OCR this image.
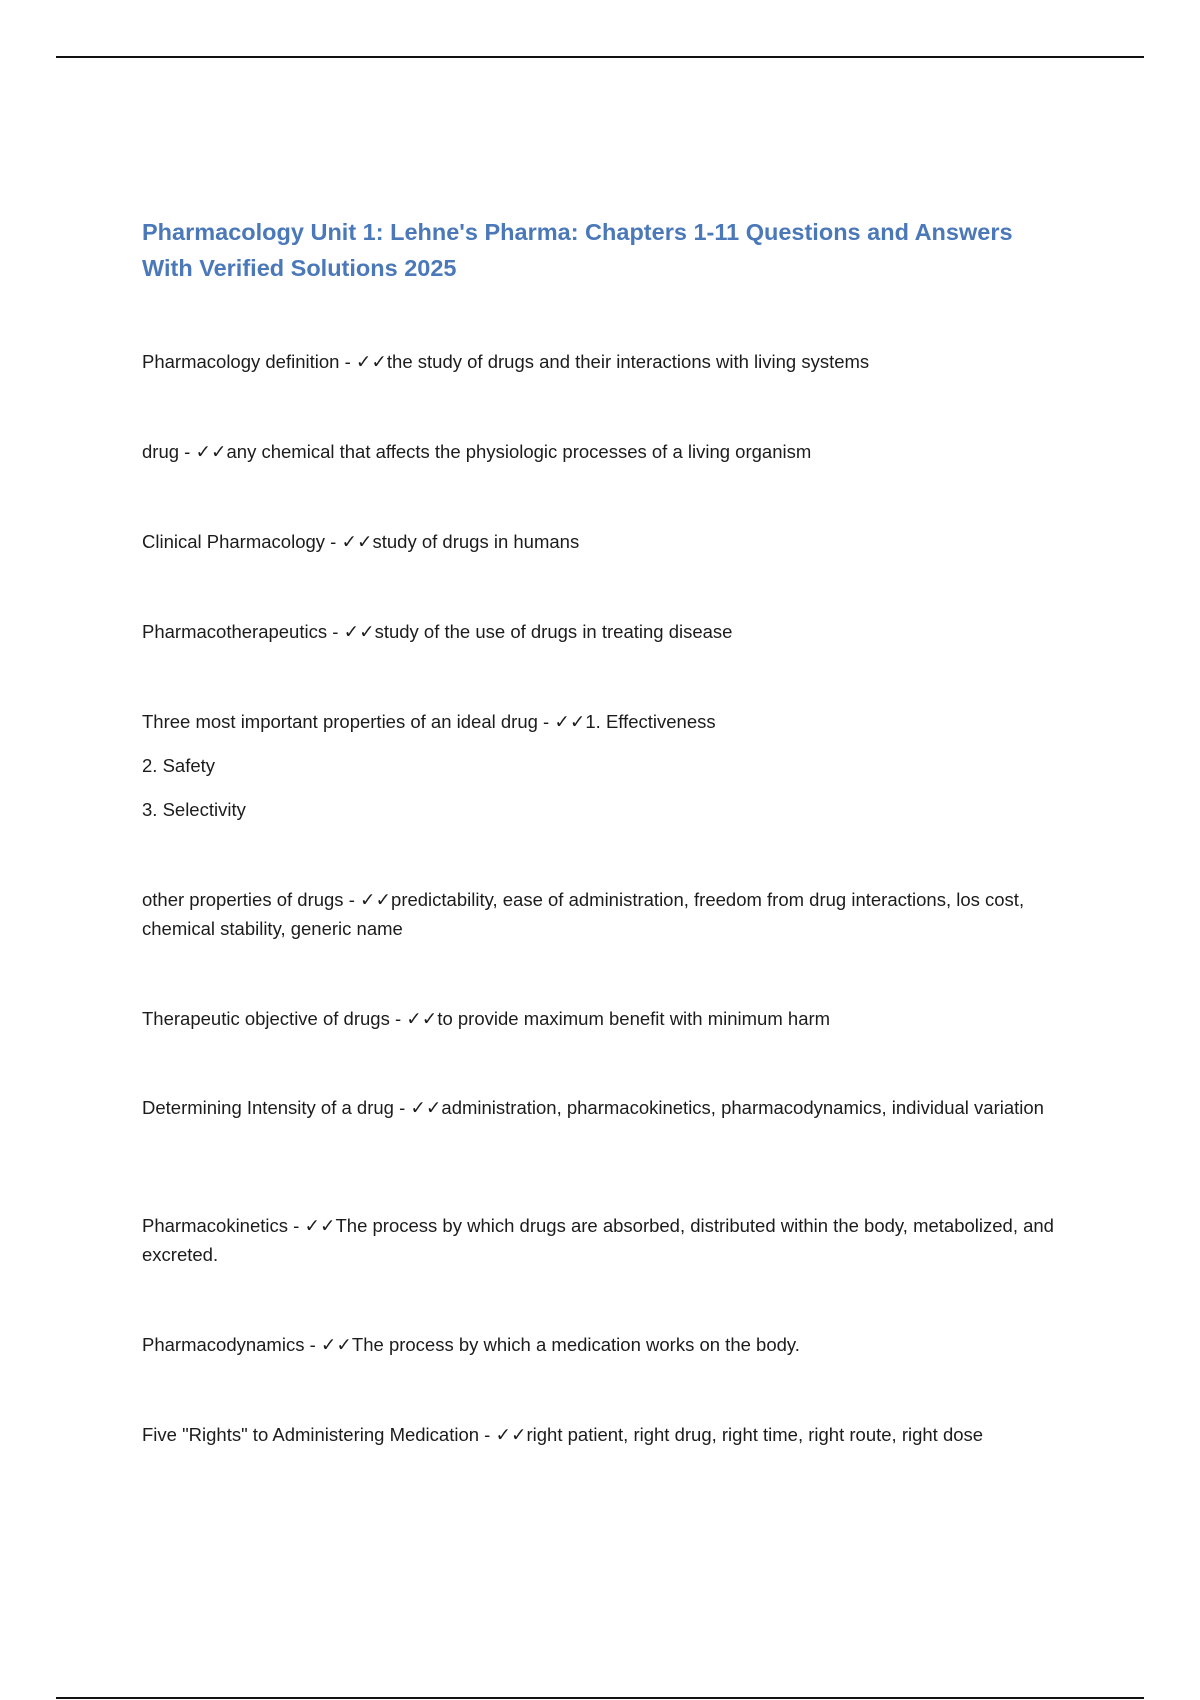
Pharmacology Unit 1: Lehne's Pharma: Chapters 1-11 Questions and Answers
With Verified Solutions 2025

Pharmacology definition - ✓✓the study of drugs and their interactions with living systems

drug - ✓✓any chemical that affects the physiologic processes of a living organism

Clinical Pharmacology - ✓✓study of drugs in humans

Pharmacotherapeutics - ✓✓study of the use of drugs in treating disease

Three most important properties of an ideal drug - ✓✓1. Effectiveness

2. Safety

3. Selectivity

other properties of drugs - ✓✓predictability, ease of administration, freedom from drug interactions, los cost, chemical stability, generic name

Therapeutic objective of drugs - ✓✓to provide maximum benefit with minimum harm

Determining Intensity of a drug - ✓✓administration, pharmacokinetics, pharmacodynamics, individual variation

Pharmacokinetics - ✓✓The process by which drugs are absorbed, distributed within the body, metabolized, and excreted.

Pharmacodynamics - ✓✓The process by which a medication works on the body.

Five "Rights" to Administering Medication - ✓✓right patient, right drug, right time, right route, right dose
